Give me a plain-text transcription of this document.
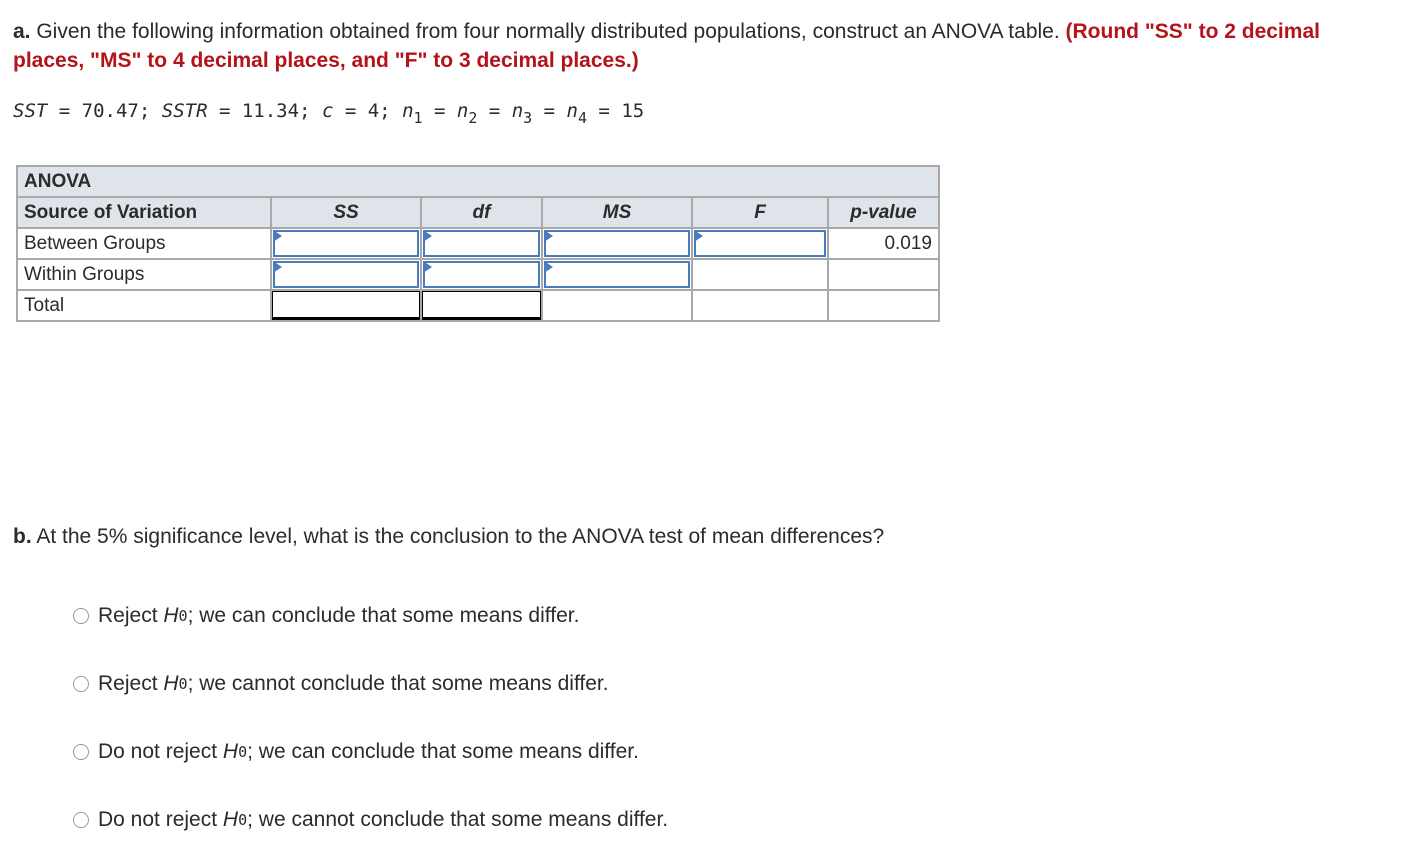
a. Given the following information obtained from four normally distributed populations, construct an ANOVA table. (Round "SS" to 2 decimal places, "MS" to 4 decimal places, and "F" to 3 decimal places.)
SST = 70.47; SSTR = 11.34; c = 4; $n_1 = n_2 = n_3 = n_4 = 15$
ANOVA					
Source of Variation	SS	df	MS	F	p-value
Between Groups					0.019
Within Groups	

Total	

b. At the 5% significance level, what is the conclusion to the ANOVA test of mean differences?
Reject
H 0 ; we can conclude that some means differ.
Reject
H 0 ; we cannot conclude that some means differ.
Do not reject
H 0 ; we can conclude that some means differ.
Do not reject
H 0 ; we cannot conclude that some means differ.
